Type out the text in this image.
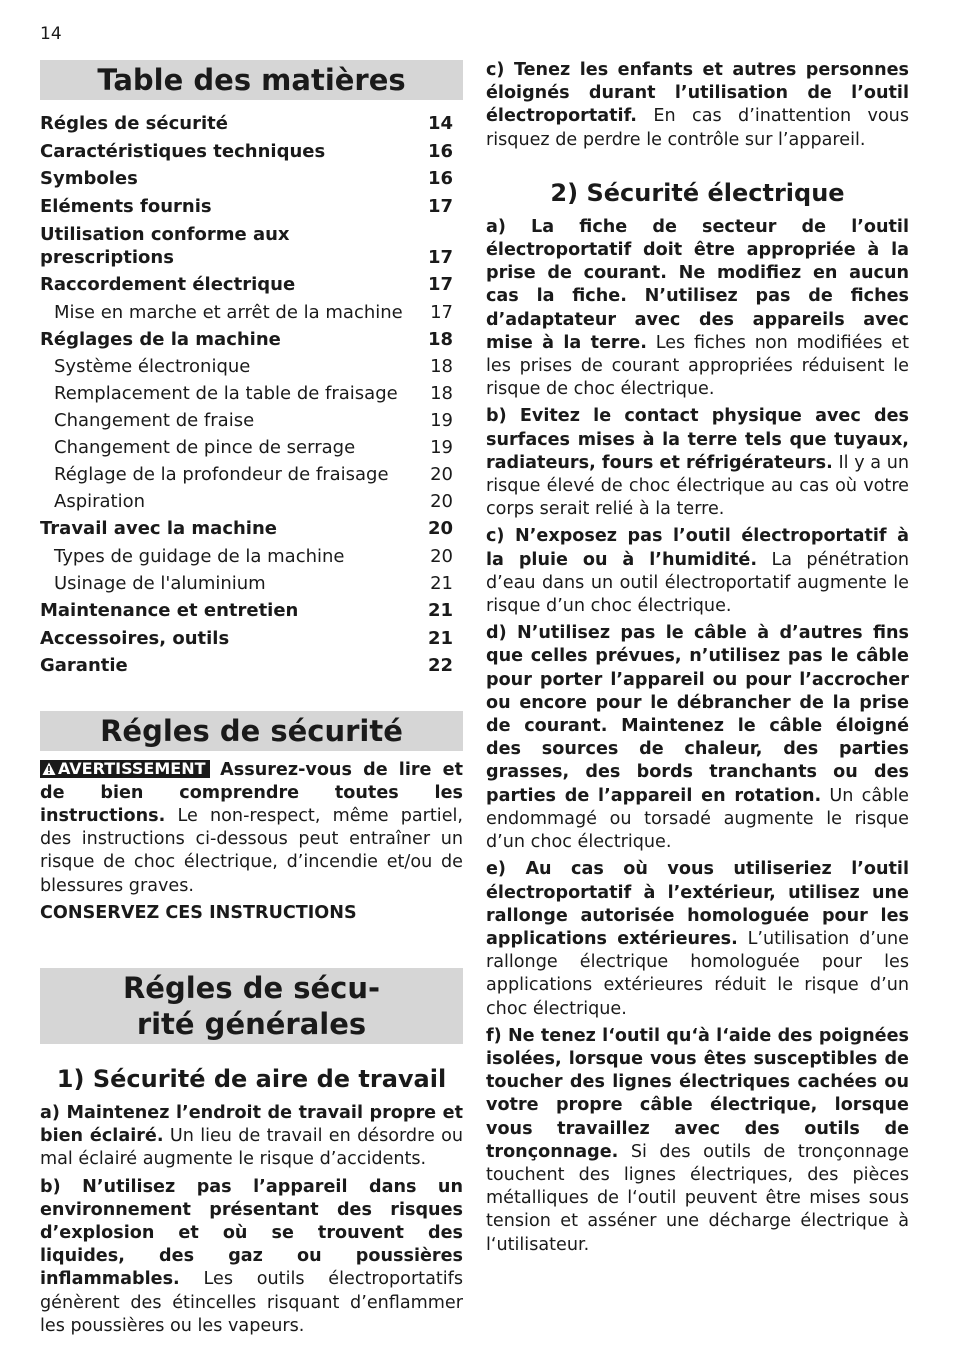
14
Table des matières
Régles de sécurité	14
Caractéristiques techniques	16
Symboles	16
Eléments fournis	17
Utilisation conforme aux
prescriptions	17
Raccordement électrique	17
Mise en marche et arrêt de la machine 17
Réglages de la machine	18
Système électronique	18
Remplacement de la table de fraisage 18
Changement de fraise	19
Changement de pince de serrage	19
Réglage de la profondeur de fraisage 20
Aspiration	20
Travail avec la machine	20
Types de guidage de la machine	20
Usinage de l'aluminium	21
Maintenance et entretien	21
Accessoires, outils	21
Garantie	22
Régles de sécurité

AVERTISSEMENT Assurez-vous de lire et de bien comprendre toutes les instructions. Le non-respect, même partiel, des instructions ci-dessous peut entraîner un risque de choc électrique, d’incendie et/ou de blessures graves.

CONSERVEZ CES INSTRUCTIONS

Régles de sécu-
rité générales
1) Sécurité de aire de travail

a) Maintenez l’endroit de travail propre et bien éclairé. Un lieu de travail en désordre ou mal éclairé augmente le risque d’accidents.

b) N’utilisez pas l’appareil dans un environnement présentant des risques d’explosion et où se trouvent des liquides, des gaz ou poussières inflammables. Les outils électroportatifs génèrent des étincelles risquant d’enflammer les poussières ou les vapeurs.

c) Tenez les enfants et autres personnes éloignés durant l’utilisation de l’outil électroportatif. En cas d’inattention vous risquez de perdre le contrôle sur l’appareil.

2) Sécurité électrique

a) La fiche de secteur de l’outil électroportatif doit être appropriée à la prise de courant. Ne modifiez en aucun cas la fiche. N’utilisez pas de fiches d’adaptateur avec des appareils avec mise à la terre. Les fiches non modifiées et les prises de courant appropriées réduisent le risque de choc électrique.

b) Evitez le contact physique avec des surfaces mises à la terre tels que tuyaux, radiateurs, fours et réfrigérateurs. Il y a un risque élevé de choc électrique au cas où votre corps serait relié à la terre.

c) N’exposez pas l’outil électroportatif à la pluie ou à l’humidité. La pénétration d’eau dans un outil électroportatif augmente le risque d’un choc électrique.

d) N’utilisez pas le câble à d’autres fins que celles prévues, n’utilisez pas le câble pour porter l’appareil ou pour l’accrocher ou encore pour le débrancher de la prise de courant. Maintenez le câble éloigné des sources de chaleur, des parties grasses, des bords tranchants ou des parties de l’appareil en rotation. Un câble endommagé ou torsadé augmente le risque d’un choc électrique.

e) Au cas où vous utiliseriez l’outil électroportatif à l’extérieur, utilisez une rallonge autorisée homologuée pour les applications extérieures. L’utilisation d’une rallonge électrique homologuée pour les applications extérieures réduit le risque d’un choc électrique.

f) Ne tenez l‘outil qu‘à l‘aide des poignées isolées, lorsque vous êtes susceptibles de toucher des lignes électriques cachées ou votre propre câble électrique, lorsque vous travaillez avec des outils de tronçonnage. Si des outils de tronçonnage touchent des lignes électriques, des pièces métalliques de l‘outil peuvent être mises sous tension et asséner une décharge électrique à l‘utilisateur.
